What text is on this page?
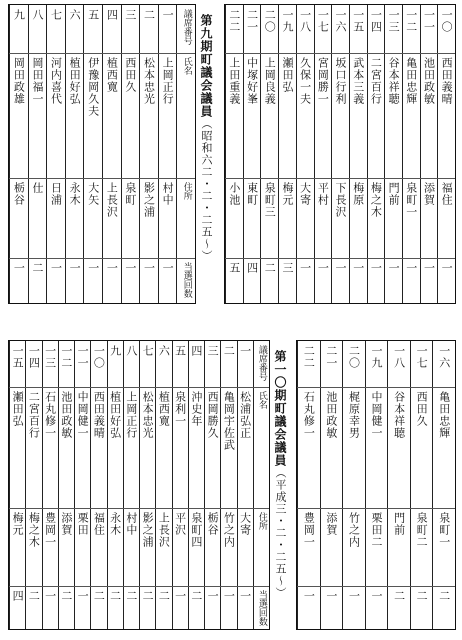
一〇
西田義晴
福住
一
一一
池田政敏
添賀
一
一二
亀田忠輝
泉町一
一
一三
谷本祥聴
門前
一
一四
二宮百行
梅之木
一
一五
武本三義
梅原
一
一六
坂口行利
下長沢
一
一七
宮岡勝一
平村
一
一八
久保一夫
大寄
一
一九
瀬田弘
梅元
三
二〇
上岡良義
泉町三
二
二一
中塚好峯
東町
四
二二
上田重義
小池
五
第九期町議会議員（昭和六二・二・二五〜）
議席番号
氏名
住所
当選回数
一
上岡正行
村中
一
二
松本忠光
影之浦
一
三
西田久
泉町
一
四
植西寛
上長沢
一
五
伊豫岡久夫
大矢
一
六
植田好弘
永木
一
七
河内喜代
日浦
一
八
岡田福一
仕
二
九
岡田政雄
栃谷
一
一六
亀田忠輝
泉町一
二
一七
西田久
泉町二
二
一八
谷本祥聴
門前
二
一九
中岡健一
栗田二
一
二〇
梶原幸男
竹之内
一
二一
池田政敏
添賀
一
二二
石丸修一
豊岡一
一
第一〇期町議会議員（平成三・二・二五〜）
議席番号
氏名
住所
当選回数
一
松浦弘正
大寄
一
二
亀岡宇佐武
竹之内
一
三
西岡勝久
栃谷
一
四
沖史年
泉町四
二
五
泉利一
平沢
一
六
植西寛
上長沢
二
七
松本忠光
影之浦
二
八
上岡正行
村中
二
九
植田好弘
永木
二
一〇
西田義晴
福住
二
一一
中岡健一
栗田
一
一二
池田政敏
添賀
二
一三
石丸修一
豊岡一
一
一四
二宮百行
梅之木
二
一五
瀬田弘
梅元
四
